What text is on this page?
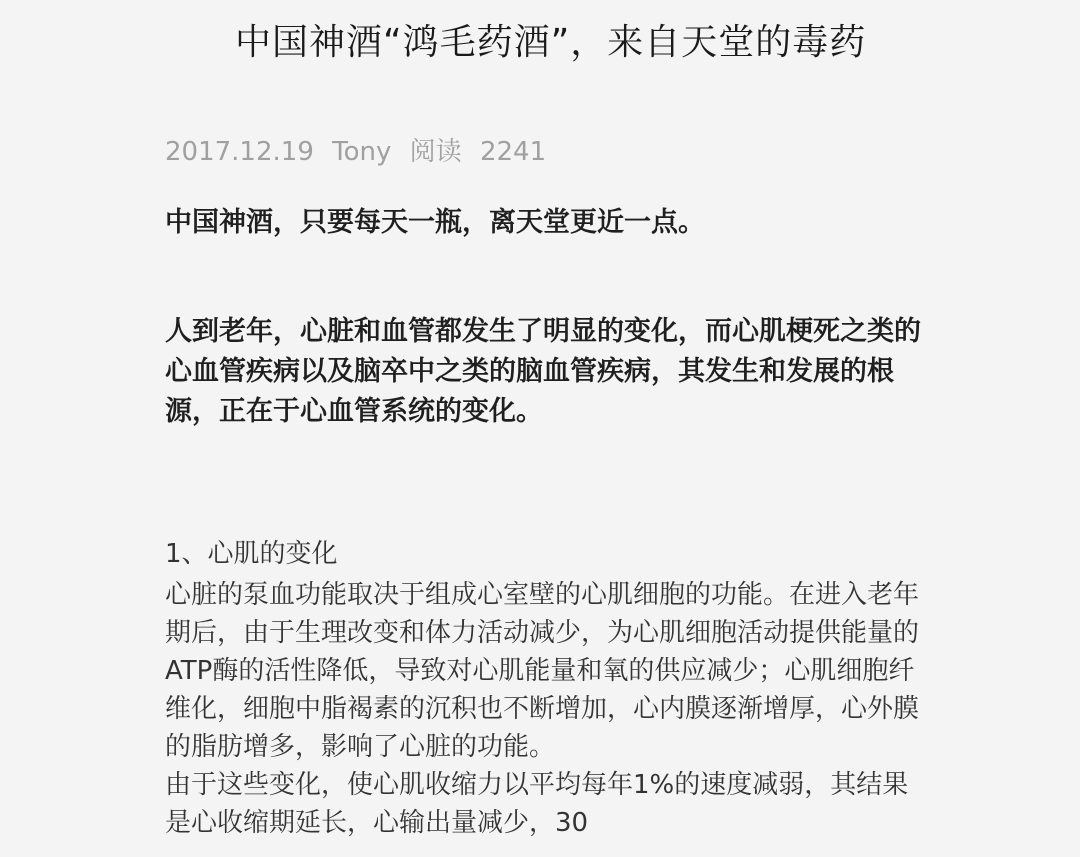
中国神酒“鸿毛药酒”，来自天堂的毒药
2017.12.19 Tony 阅读 2241
中国神酒，只要每天一瓶，离天堂更近一点。

人到老年，心脏和血管都发生了明显的变化，而心肌梗死之类的心血管疾病以及脑卒中之类的脑血管疾病，其发生和发展的根源，正在于心血管系统的变化。

1、心肌的变化

心脏的泵血功能取决于组成心室壁的心肌细胞的功能。在进入老年期后，由于生理改变和体力活动减少，为心肌细胞活动提供能量的ATP酶的活性降低，导致对心肌能量和氧的供应减少；心肌细胞纤维化，细胞中脂褐素的沉积也不断增加，心内膜逐渐增厚，心外膜的脂肪增多，影响了心脏的功能。

由于这些变化，使心肌收缩力以平均每年1%的速度减弱，其结果是心收缩期延长，心输出量减少，30
